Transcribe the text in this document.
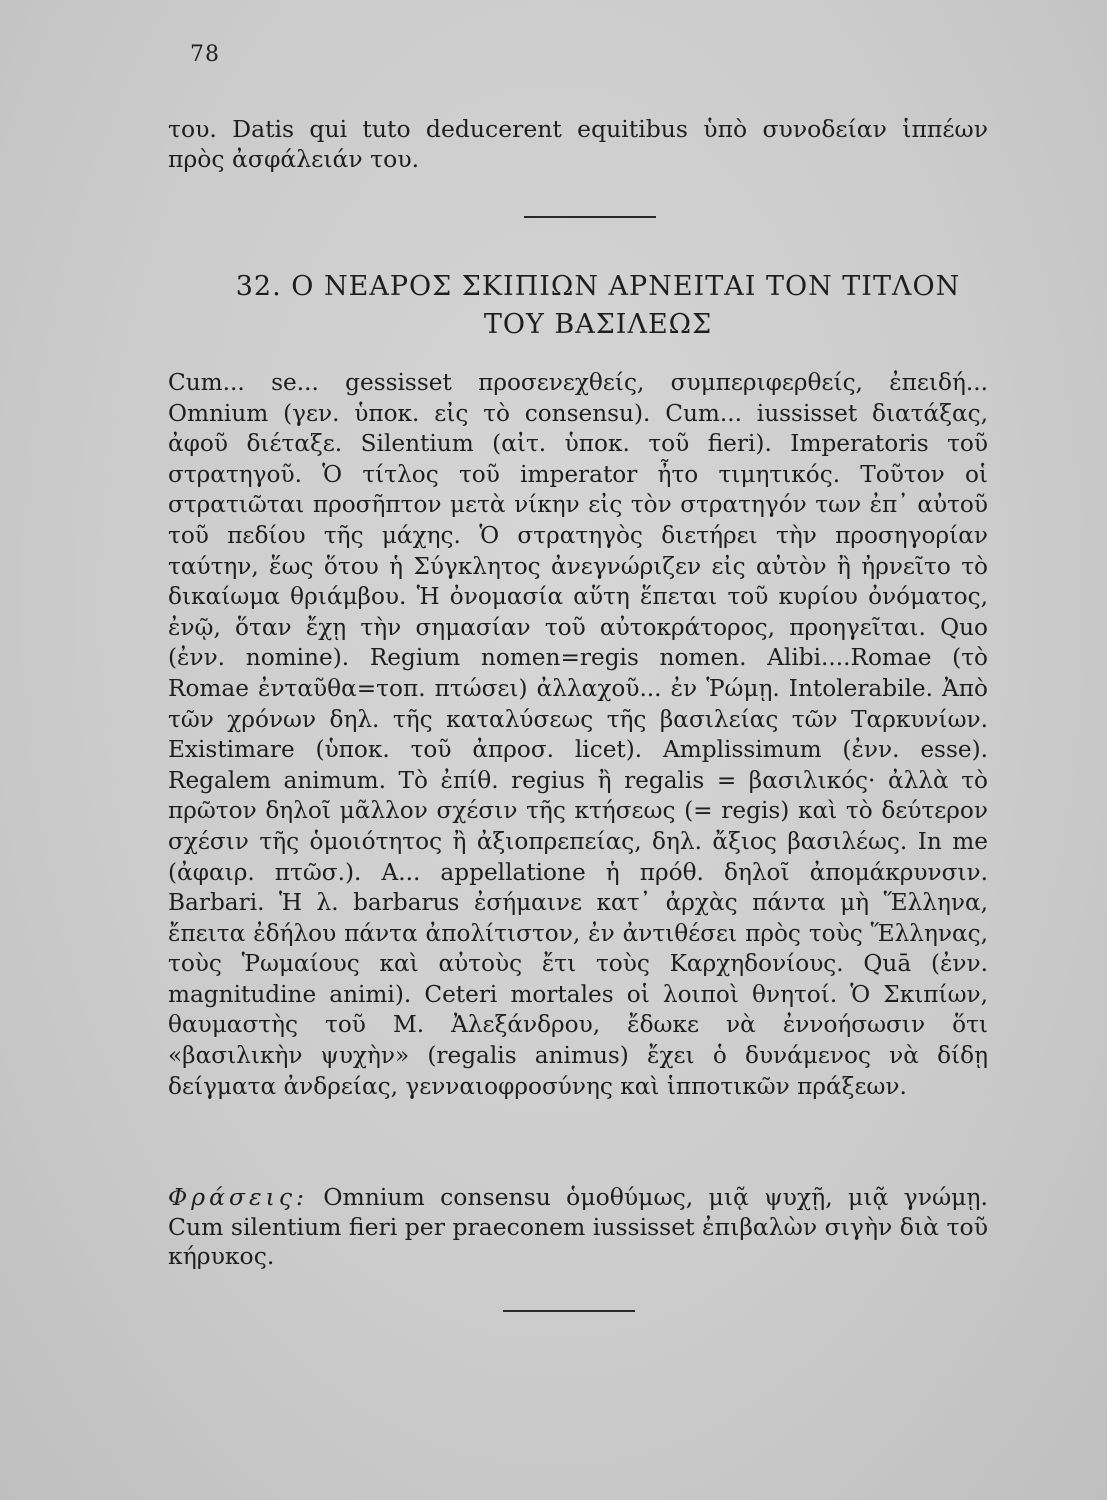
78

του. Datis qui tuto deducerent equitibus ὑπὸ συνοδείαν ἱππέων πρὸς ἀσφάλειάν του.

32. Ο ΝΕΑΡΟΣ ΣΚΙΠΙΩΝ ΑΡΝΕΙΤΑΙ ΤΟΝ ΤΙΤΛΟΝ
ΤΟΥ ΒΑΣΙΛΕΩΣ

Cum... se... gessisset προσενεχθείς, συμπεριφερθείς, ἐπειδή... Omnium (γεν. ὑποκ. εἰς τὸ consensu). Cum... iussisset διατάξας, ἀφοῦ διέταξε. Silentium (αἰτ. ὑποκ. τοῦ fieri). Imperatoris τοῦ στρατηγοῦ. Ὁ τίτλος τοῦ imperator ἦτο τιμητικός. Τοῦτον οἱ στρατιῶται προσῆπτον μετὰ νίκην εἰς τὸν στρατηγόν των ἐπ᾽ αὐτοῦ τοῦ πεδίου τῆς μάχης. Ὁ στρατηγὸς διετήρει τὴν προσηγορίαν ταύτην, ἕως ὅτου ἡ Σύγκλητος ἀνεγνώριζεν εἰς αὐτὸν ἢ ἠρνεῖτο τὸ δικαίωμα θριάμβου. Ἡ ὀνομασία αὕτη ἕπεται τοῦ κυρίου ὀνόματος, ἐνῷ, ὅταν ἔχῃ τὴν σημασίαν τοῦ αὐτοκράτορος, προηγεῖται. Quo (ἐνν. nomine). Regium nomen=regis nomen. Alibi....Romae (τὸ Romae ἐνταῦθα=τοπ. πτώσει) ἀλλαχοῦ... ἐν Ῥώμῃ. Intolerabile. Ἀπὸ τῶν χρόνων δηλ. τῆς καταλύσεως τῆς βασιλείας τῶν Ταρκυνίων. Existimare (ὑποκ. τοῦ ἀπροσ. licet). Amplissimum (ἐνν. esse). Regalem animum. Τὸ ἐπίθ. regius ἢ regalis = βασιλικός· ἀλλὰ τὸ πρῶτον δηλοῖ μᾶλλον σχέσιν τῆς κτήσεως (= regis) καὶ τὸ δεύτερον σχέσιν τῆς ὁμοιότητος ἢ ἀξιοπρεπείας, δηλ. ἄξιος βασιλέως. In me (ἀφαιρ. πτῶσ.). A... appellatione ἡ πρόθ. δηλοῖ ἀπομάκρυνσιν. Barbari. Ἡ λ. barbarus ἐσήμαινε κατ᾽ ἀρχὰς πάντα μὴ Ἕλληνα, ἔπειτα ἐδήλου πάντα ἀπολίτιστον, ἐν ἀντιθέσει πρὸς τοὺς Ἕλληνας, τοὺς Ῥωμαίους καὶ αὐτοὺς ἔτι τοὺς Καρχηδονίους. Quā (ἐνν. magnitudine animi). Ceteri mortales οἱ λοιποὶ θνητοί. Ὁ Σκιπίων, θαυμαστὴς τοῦ Μ. Ἀλεξάνδρου, ἔδωκε νὰ ἐννοήσωσιν ὅτι «βασιλικὴν ψυχὴν» (regalis animus) ἔχει ὁ δυνάμενος νὰ δίδῃ δείγματα ἀνδρείας, γενναιοφροσύνης καὶ ἱπποτικῶν πράξεων.

Φράσεις: Omnium consensu ὁμοθύμως, μιᾷ ψυχῇ, μιᾷ γνώμῃ. Cum silentium fieri per praeconem iussisset ἐπιβαλὼν σιγὴν διὰ τοῦ κήρυκος.
